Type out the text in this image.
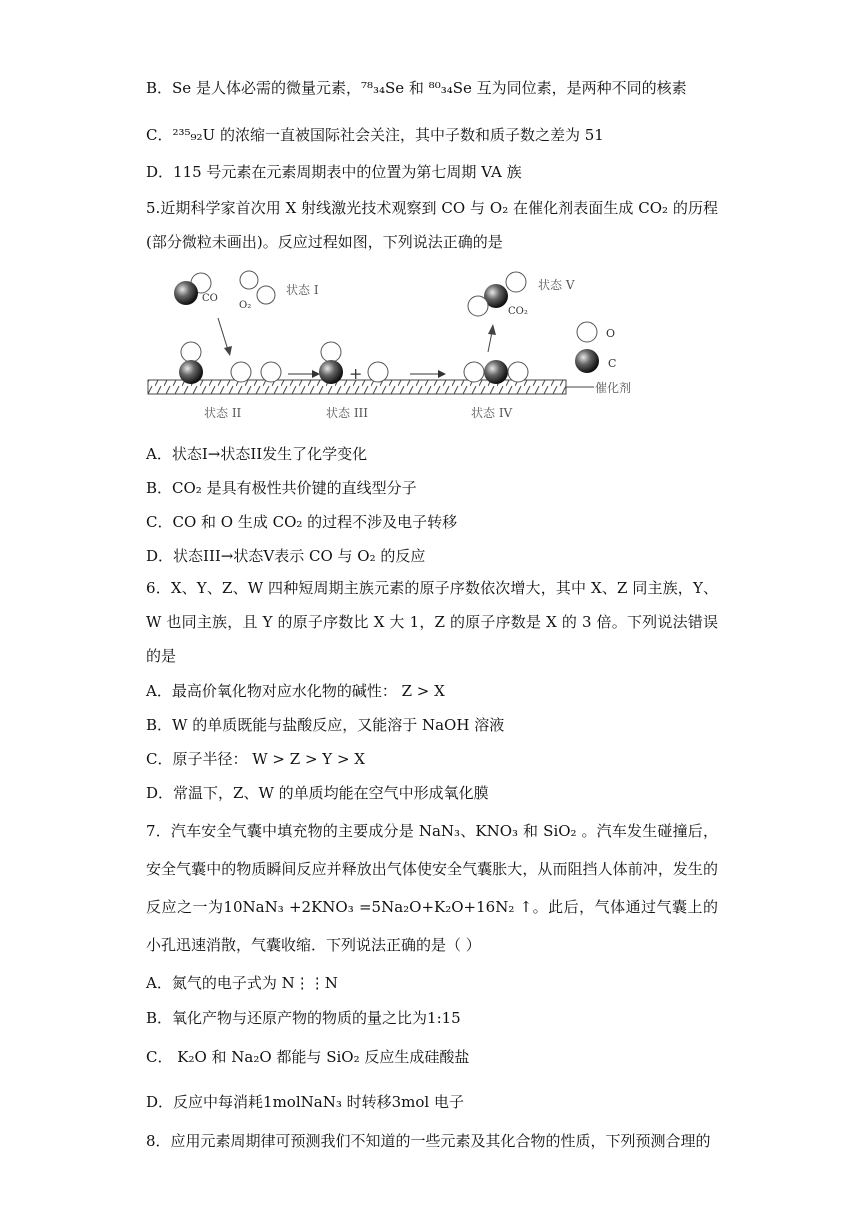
B．Se 是人体必需的微量元素，⁷⁸₃₄Se 和 ⁸⁰₃₄Se 互为同位素，是两种不同的核素
C．²³⁵₉₂U 的浓缩一直被国际社会关注，其中子数和质子数之差为 51
D．115 号元素在元素周期表中的位置为第七周期 VA 族
5.近期科学家首次用 X 射线激光技术观察到 CO 与 O₂ 在催化剂表面生成 CO₂ 的历程(部分微粒未画出)。反应过程如图，下列说法正确的是
催化剂
CO
O₂
状态 I
状态 II
+
状态 III	状态 IV
CO₂
状态 V
O
C
A．状态I→状态II发生了化学变化
B．CO₂ 是具有极性共价键的直线型分子
C．CO 和 O 生成 CO₂ 的过程不涉及电子转移
D．状态III→状态V表示 CO 与 O₂ 的反应
6．X、Y、Z、W 四种短周期主族元素的原子序数依次增大，其中 X、Z 同主族，Y、W 也同主族，且 Y 的原子序数比 X 大 1，Z 的原子序数是 X 的 3 倍。下列说法错误的是
A．最高价氧化物对应水化物的碱性： Z > X
B．W 的单质既能与盐酸反应，又能溶于 NaOH 溶液
C．原子半径： W > Z > Y > X
D．常温下，Z、W 的单质均能在空气中形成氧化膜
7．汽车安全气囊中填充物的主要成分是 NaN₃、KNO₃ 和 SiO₂ 。汽车发生碰撞后，安全气囊中的物质瞬间反应并释放出气体使安全气囊胀大，从而阻挡人体前冲，发生的反应之一为10NaN₃ +2KNO₃ =5Na₂O+K₂O+16N₂ ↑。此后，气体通过气囊上的小孔迅速消散，气囊收缩．下列说法正确的是（ ）
A．氮气的电子式为 N⋮⋮N
B．氧化产物与还原产物的物质的量之比为1:15
C． K₂O 和 Na₂O 都能与 SiO₂ 反应生成硅酸盐
D．反应中每消耗1molNaN₃ 时转移3mol 电子
8．应用元素周期律可预测我们不知道的一些元素及其化合物的性质，下列预测合理的
